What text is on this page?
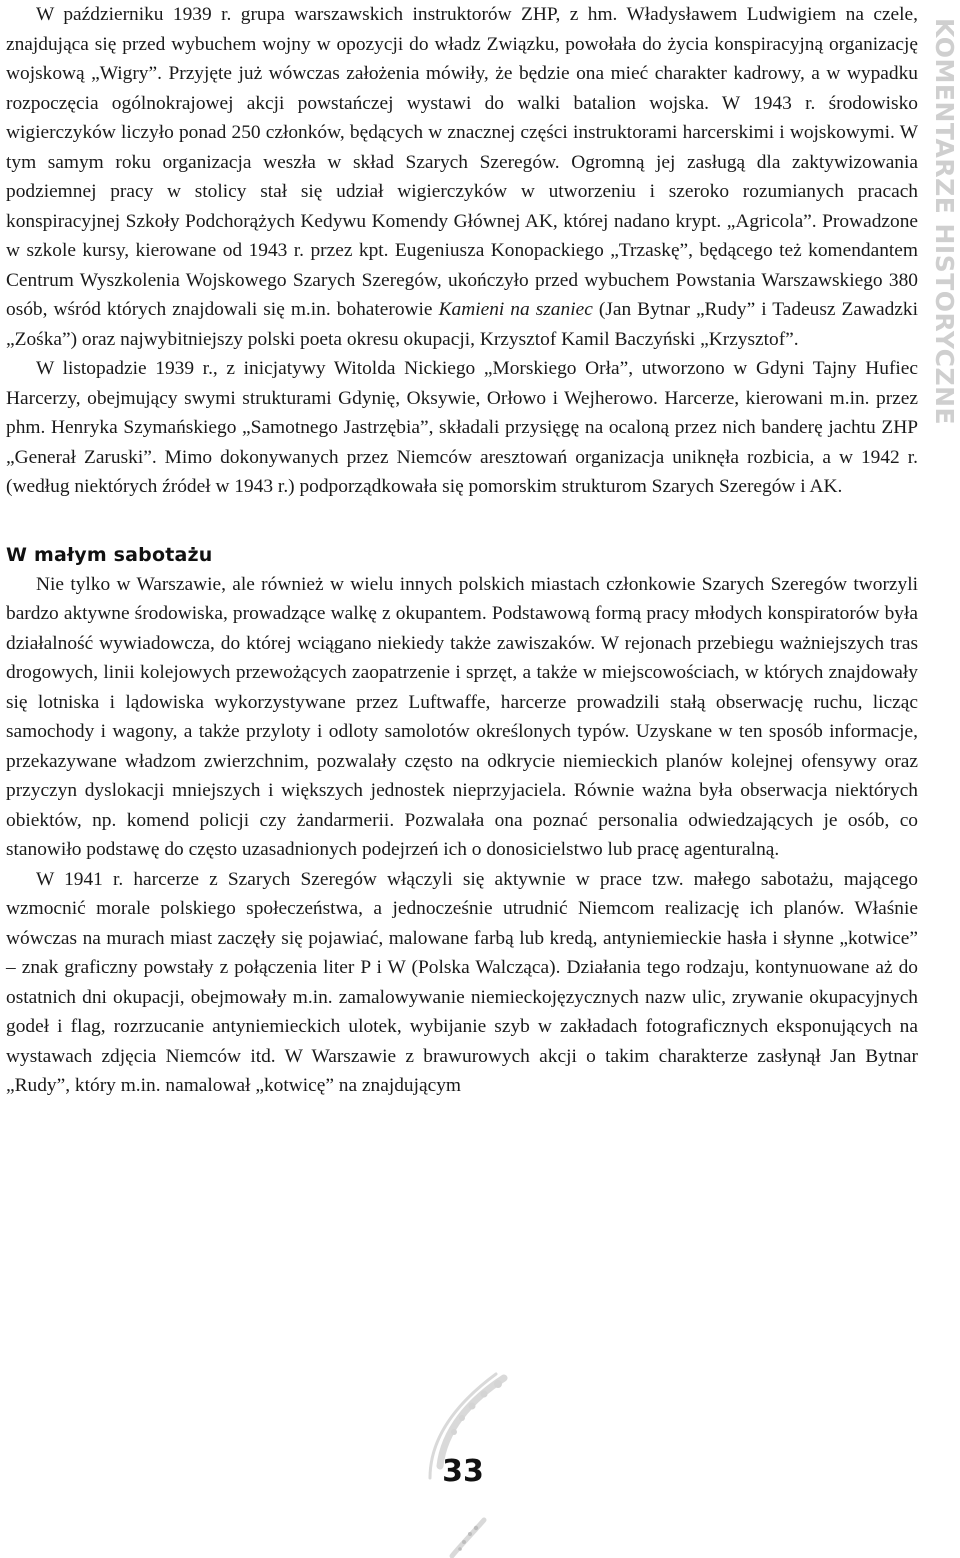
W październiku 1939 r. grupa warszawskich instruktorów ZHP, z hm. Władysławem Ludwigiem na czele, znajdująca się przed wybuchem wojny w opozycji do władz Związku, powołała do życia konspiracyjną organizację wojskową „Wigry”. Przyjęte już wówczas założenia mówiły, że będzie ona mieć charakter kadrowy, a w wypadku rozpoczęcia ogólnokrajowej akcji powstańczej wystawi do walki batalion wojska. W 1943 r. środowisko wigierczyków liczyło ponad 250 członków, będących w znacznej części instruktorami harcerskimi i wojskowymi. W tym samym roku organizacja weszła w skład Szarych Szeregów. Ogromną jej zasługą dla zaktywizowania podziemnej pracy w stolicy stał się udział wigierczyków w utworzeniu i szeroko rozumianych pracach konspiracyjnej Szkoły Podchorążych Kedywu Komendy Głównej AK, której nadano krypt. „Agricola”. Prowadzone w szkole kursy, kierowane od 1943 r. przez kpt. Eugeniusza Konopackiego „Trzaskę”, będącego też komendantem Centrum Wyszkolenia Wojskowego Szarych Szeregów, ukończyło przed wybuchem Powstania Warszawskiego 380 osób, wśród których znajdowali się m.in. bohaterowie Kamieni na szaniec (Jan Bytnar „Rudy” i Tadeusz Zawadzki „Zośka”) oraz najwybitniejszy polski poeta okresu okupacji, Krzysztof Kamil Baczyński „Krzysztof”.

W listopadzie 1939 r., z inicjatywy Witolda Nickiego „Morskiego Orła”, utworzono w Gdyni Tajny Hufiec Harcerzy, obejmujący swymi strukturami Gdynię, Oksywie, Orłowo i Wejherowo. Harcerze, kierowani m.in. przez phm. Henryka Szymańskiego „Samotnego Jastrzębia”, składali przysięgę na ocaloną przez nich banderę jachtu ZHP „Generał Zaruski”. Mimo dokonywanych przez Niemców aresztowań organizacja uniknęła rozbicia, a w 1942 r. (według niektórych źródeł w 1943 r.) podporządkowała się pomorskim strukturom Szarych Szeregów i AK.

W małym sabotażu

Nie tylko w Warszawie, ale również w wielu innych polskich miastach członkowie Szarych Szeregów tworzyli bardzo aktywne środowiska, prowadzące walkę z okupantem. Podstawową formą pracy młodych konspiratorów była działalność wywiadowcza, do której wciągano niekiedy także zawiszaków. W rejonach przebiegu ważniejszych tras drogowych, linii kolejowych przewożących zaopatrzenie i sprzęt, a także w miejscowościach, w których znajdowały się lotniska i lądowiska wykorzystywane przez Luftwaffe, harcerze prowadzili stałą obserwację ruchu, licząc samochody i wagony, a także przyloty i odloty samolotów określonych typów. Uzyskane w ten sposób informacje, przekazywane władzom zwierzchnim, pozwalały często na odkrycie niemieckich planów kolejnej ofensywy oraz przyczyn dyslokacji mniejszych i większych jednostek nieprzyjaciela. Równie ważna była obserwacja niektórych obiektów, np. komend policji czy żandarmerii. Pozwalała ona poznać personalia odwiedzających je osób, co stanowiło podstawę do często uzasadnionych podejrzeń ich o donosicielstwo lub pracę agenturalną.

W 1941 r. harcerze z Szarych Szeregów włączyli się aktywnie w prace tzw. małego sabotażu, mającego wzmocnić morale polskiego społeczeństwa, a jednocześnie utrudnić Niemcom realizację ich planów. Właśnie wówczas na murach miast zaczęły się pojawiać, malowane farbą lub kredą, antyniemieckie hasła i słynne „kotwice” – znak graficzny powstały z połączenia liter P i W (Polska Walcząca). Działania tego rodzaju, kontynuowane aż do ostatnich dni okupacji, obejmowały m.in. zamalowywanie niemieckojęzycznych nazw ulic, zrywanie okupacyjnych godeł i flag, rozrzucanie antyniemieckich ulotek, wybijanie szyb w zakładach fotograficznych eksponujących na wystawach zdjęcia Niemców itd. W Warszawie z brawurowych akcji o takim charakterze zasłynął Jan Bytnar „Rudy”, który m.in. namalował „kotwicę” na znajdującym

KOMENTARZE HISTORYCZNE
33
